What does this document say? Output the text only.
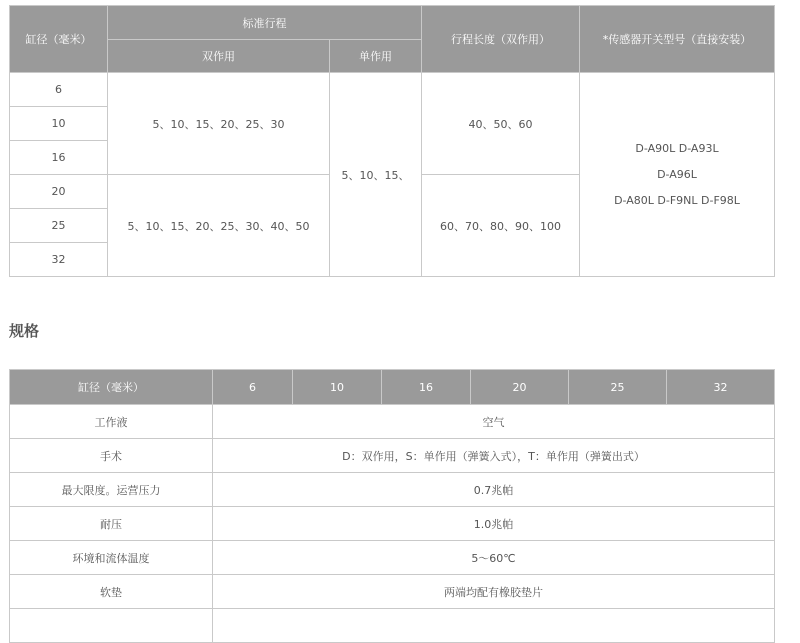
缸径（毫米）	标准行程		行程长度（双作用）	*传感器开关型号（直接安装）
	双作用	单作用		
6	5、10、15、20、25、30	5、10、15、	40、50、60	D-A90L D-A93L
D-A96L
D-A80L D-F9NL D-F98L

10				
16				
20	5、10、15、20、25、30、40、50		60、70、80、90、100	
25				
32				
规格
缸径（毫米）	6	10	16	20	25	32
工作液	空气					
手术	D：双作用，S：单作用（弹簧入式），T：单作用（弹簧出式）					
最大限度。运营压力	0.7兆帕					
耐压	1.0兆帕					
环境和流体温度	5～60℃					
软垫	两端均配有橡胶垫片					
